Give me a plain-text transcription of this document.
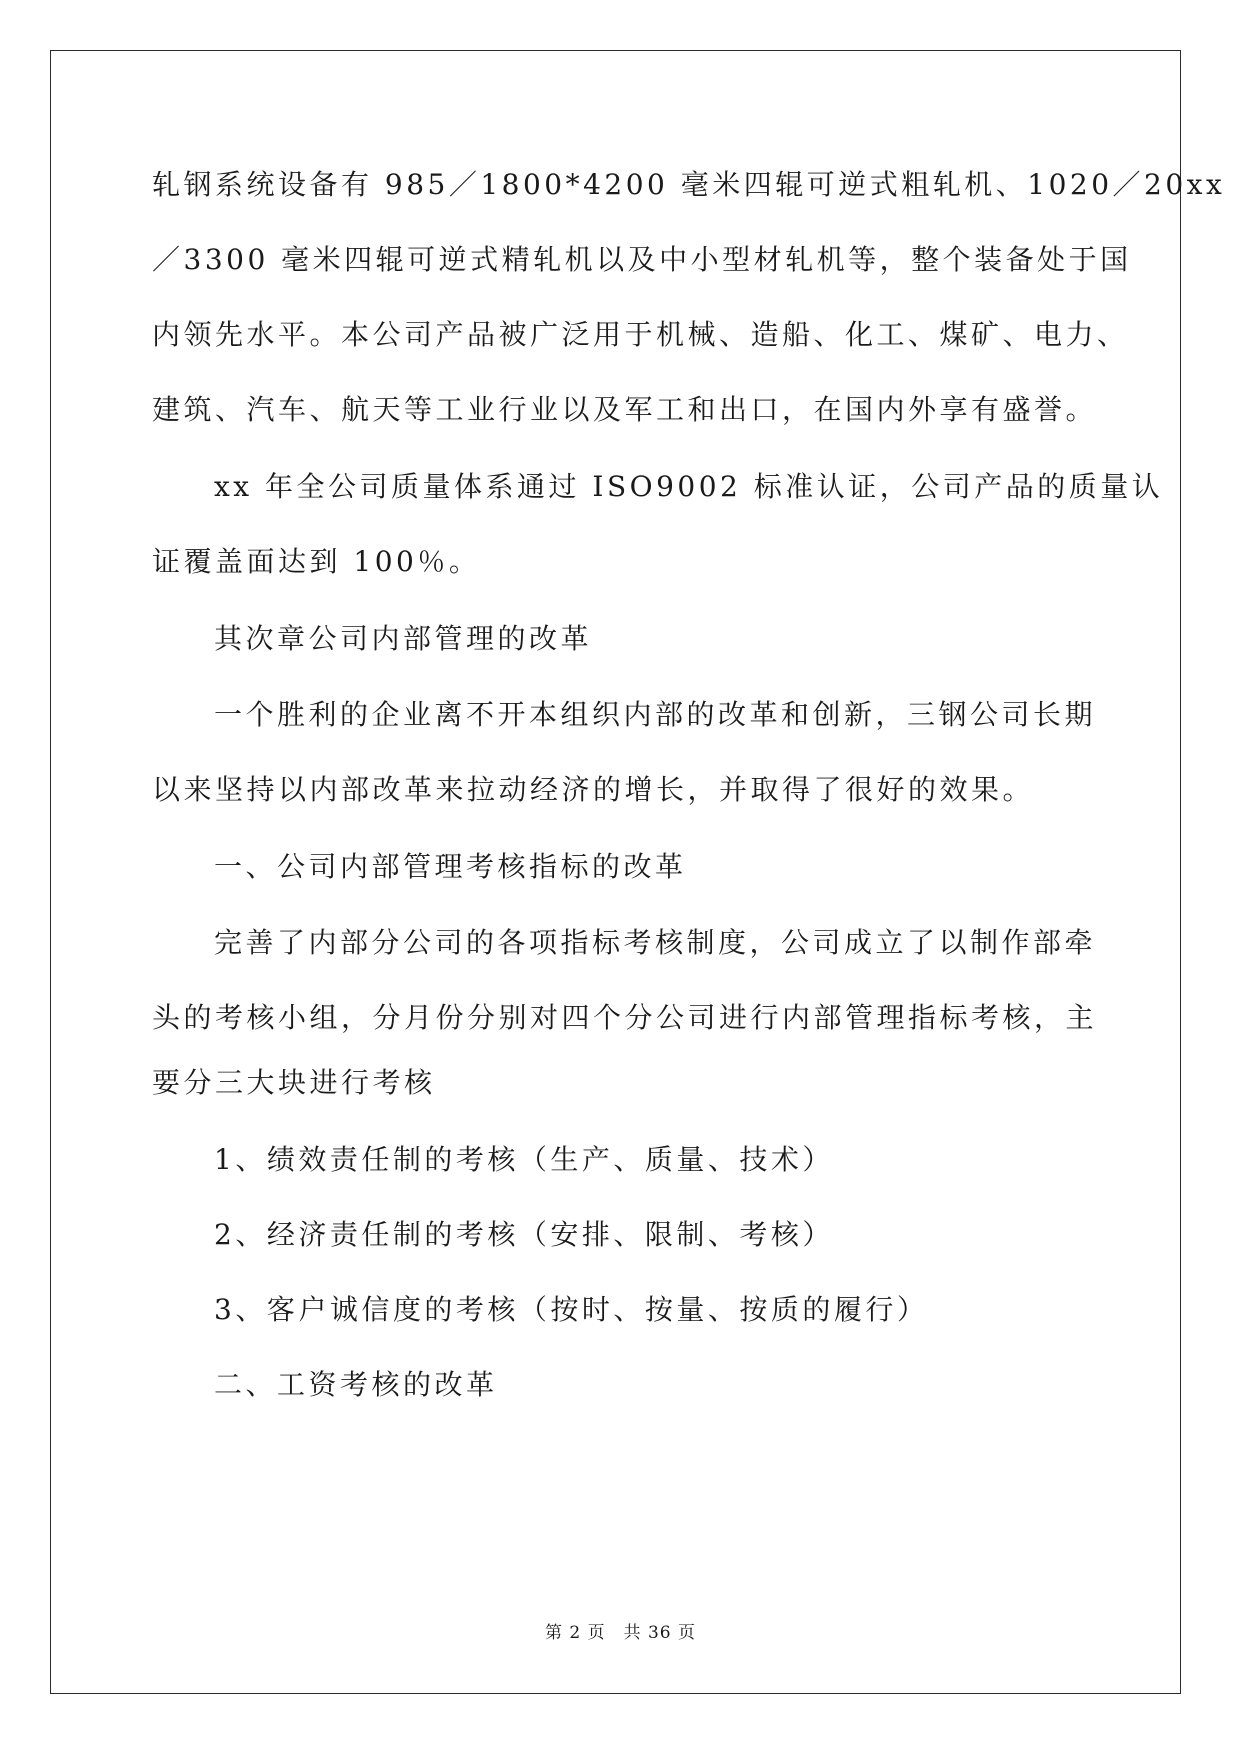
轧钢系统设备有 985／1800*4200 毫米四辊可逆式粗轧机、1020／20xx
／3300 毫米四辊可逆式精轧机以及中小型材轧机等，整个装备处于国
内领先水平。本公司产品被广泛用于机械、造船、化工、煤矿、电力、
建筑、汽车、航天等工业行业以及军工和出口，在国内外享有盛誉。
xx 年全公司质量体系通过 ISO9002 标准认证，公司产品的质量认
证覆盖面达到 100％。
其次章公司内部管理的改革
一个胜利的企业离不开本组织内部的改革和创新，三钢公司长期
以来坚持以内部改革来拉动经济的增长，并取得了很好的效果。
一、公司内部管理考核指标的改革
完善了内部分公司的各项指标考核制度，公司成立了以制作部牵
头的考核小组，分月份分别对四个分公司进行内部管理指标考核，主
要分三大块进行考核
1、绩效责任制的考核（生产、质量、技术）
2、经济责任制的考核（安排、限制、考核）
3、客户诚信度的考核（按时、按量、按质的履行）
二、工资考核的改革
第 2 页　共 36 页
